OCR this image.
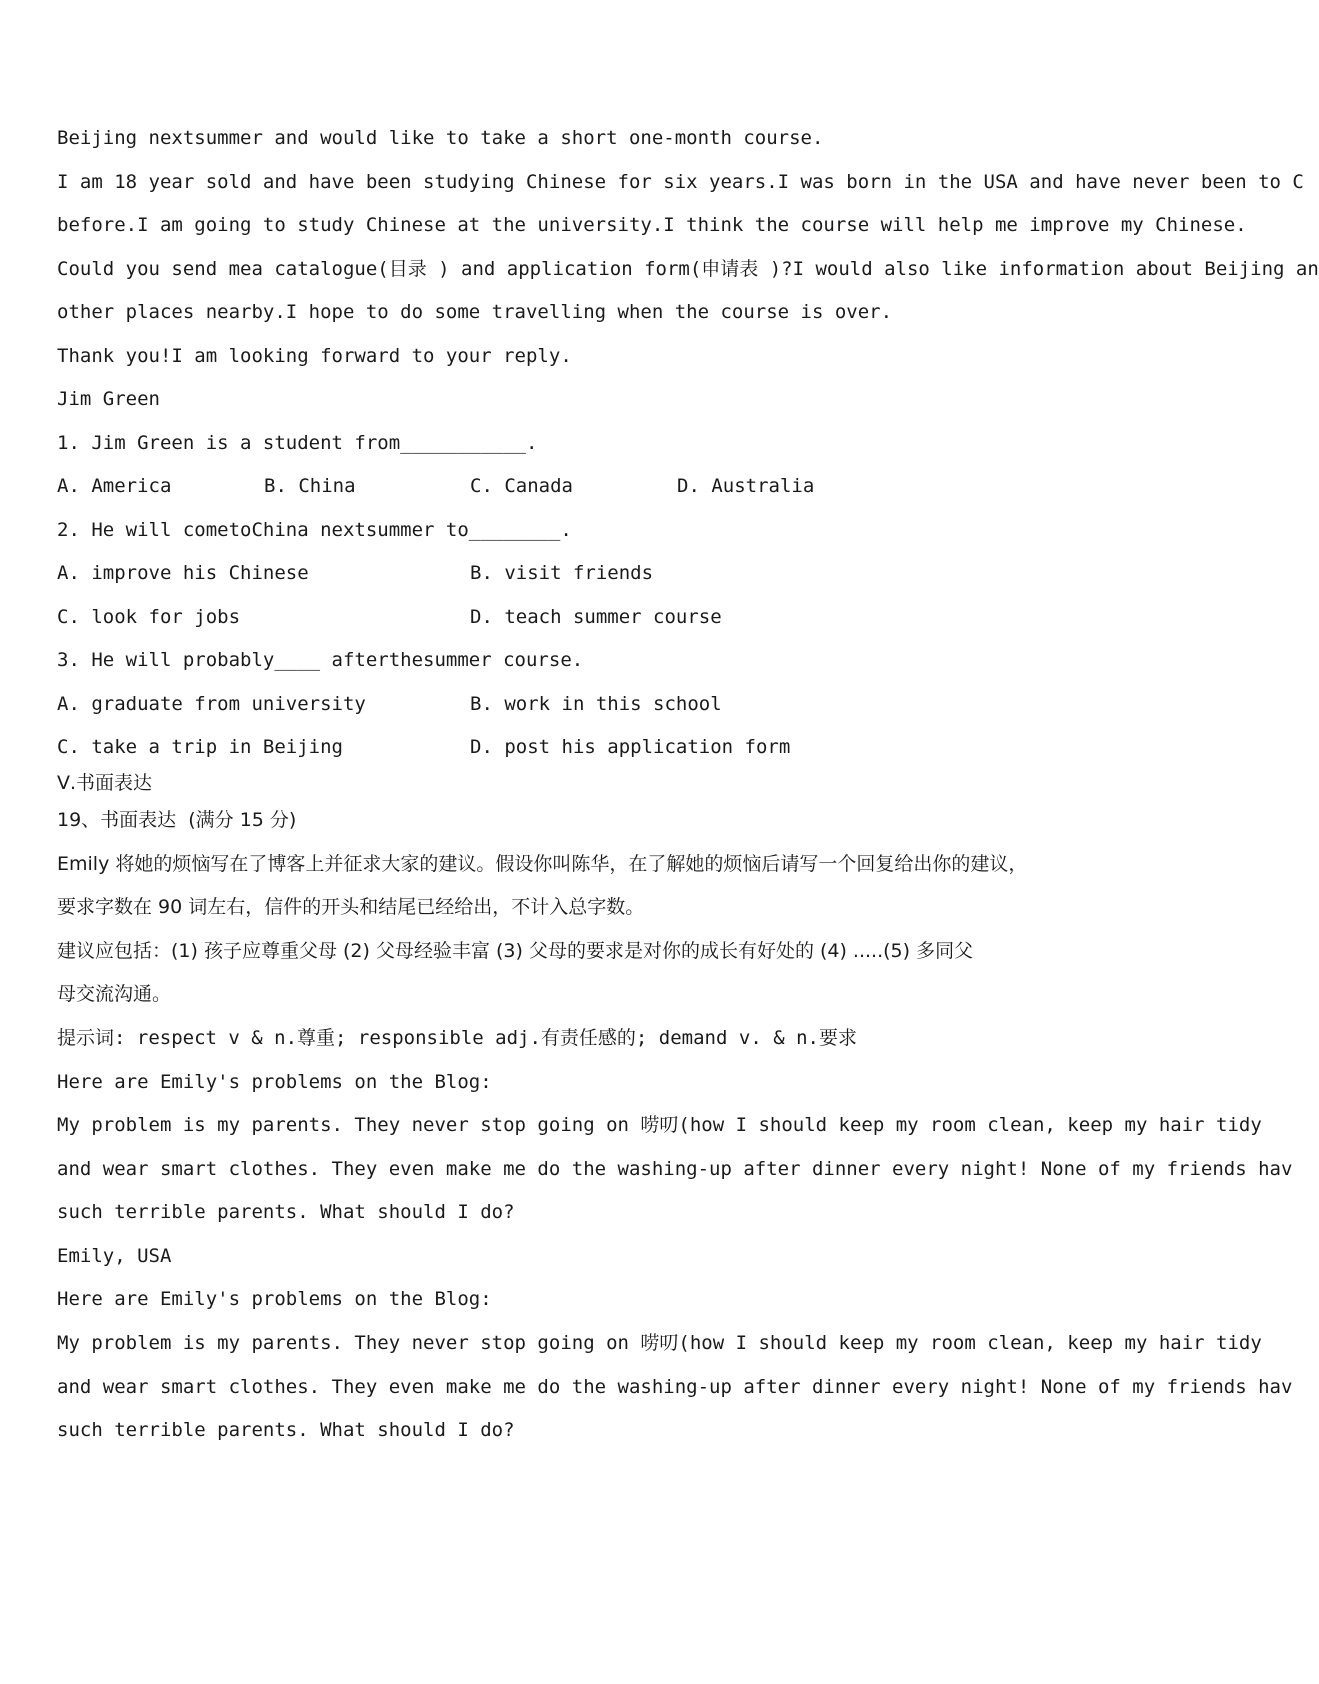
Beijing nextsummer and would like to take a short one-month course.
I am 18 year sold and have been studying Chinese for six years.I was born in the USA and have never been to C
before.I am going to study Chinese at the university.I think the course will help me improve my Chinese.
Could you send mea catalogue(目录 ) and application form(申请表 )?I would also like information about Beijing an
other places nearby.I hope to do some travelling when the course is over.
Thank you!I am looking forward to your reply.
Jim Green
1. Jim Green is a student from___________.
A. America	B. China	C. Canada	D. Australia
2. He will cometoChina nextsummer to________.
A. improve his Chinese	B. visit friends
C. look for jobs	D. teach summer course
3. He will probably____ afterthesummer course.
A. graduate from university	B. work in this school
C. take a trip in Beijing	D. post his application form
Ⅴ.书面表达
19、书面表达  (满分 15 分)
Emily 将她的烦恼写在了博客上并征求大家的建议。假设你叫陈华，在了解她的烦恼后请写一个回复给出你的建议，
要求字数在 90 词左右，信件的开头和结尾已经给出，不计入总字数。
建议应包括：(1) 孩子应尊重父母 (2) 父母经验丰富 (3) 父母的要求是对你的成长有好处的 (4) .....(5) 多同父
母交流沟通。
提示词: respect v & n.尊重; responsible adj.有责任感的; demand v. & n.要求
Here are Emily's problems on the Blog:
My problem is my parents. They never stop going on 唠叨(how I should keep my room clean, keep my hair tidy
and wear smart clothes. They even make me do the washing-up after dinner every night! None of my friends hav
such terrible parents. What should I do?
Emily, USA
Here are Emily's problems on the Blog:
My problem is my parents. They never stop going on 唠叨(how I should keep my room clean, keep my hair tidy
and wear smart clothes. They even make me do the washing-up after dinner every night! None of my friends hav
such terrible parents. What should I do?
